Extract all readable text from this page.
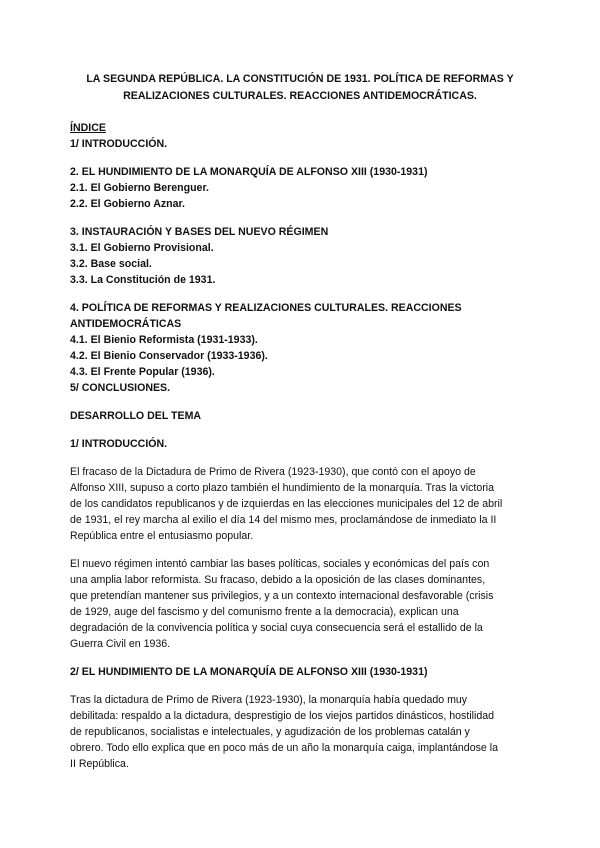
LA SEGUNDA REPÚBLICA. LA CONSTITUCIÓN DE 1931. POLÍTICA DE REFORMAS Y
REALIZACIONES CULTURALES. REACCIONES ANTIDEMOCRÁTICAS.
ÍNDICE
1/ INTRODUCCIÓN.
2. EL HUNDIMIENTO DE LA MONARQUÍA DE ALFONSO XIII (1930-1931)
2.1. El Gobierno Berenguer.
2.2. El Gobierno Aznar.
3. INSTAURACIÓN Y BASES DEL NUEVO RÉGIMEN
3.1. El Gobierno Provisional.
3.2. Base social.
3.3. La Constitución de 1931.
4. POLÍTICA DE REFORMAS Y REALIZACIONES CULTURALES. REACCIONES
ANTIDEMOCRÁTICAS
4.1. El Bienio Reformista (1931-1933).
4.2. El Bienio Conservador (1933-1936).
4.3. El Frente Popular (1936).
5/ CONCLUSIONES.
DESARROLLO DEL TEMA
1/ INTRODUCCIÓN.
El fracaso de la Dictadura de Primo de Rivera (1923-1930), que contó con el apoyo de
Alfonso XIII, supuso a corto plazo también el hundimiento de la monarquía. Tras la victoria
de los candidatos republicanos y de izquierdas en las elecciones municipales del 12 de abril
de 1931, el rey marcha al exilio el día 14 del mismo mes, proclamándose de inmediato la II
República entre el entusiasmo popular.
El nuevo régimen intentó cambiar las bases políticas, sociales y económicas del país con
una amplia labor reformista. Su fracaso, debido a la oposición de las clases dominantes,
que pretendían mantener sus privilegios, y a un contexto internacional desfavorable (crisis
de 1929, auge del fascismo y del comunismo frente a la democracia), explican una
degradación de la convivencia política y social cuya consecuencia será el estallido de la
Guerra Civil en 1936.
2/ EL HUNDIMIENTO DE LA MONARQUÍA DE ALFONSO XIII (1930-1931)
Tras la dictadura de Primo de Rivera (1923-1930), la monarquía había quedado muy
debilitada: respaldo a la dictadura, desprestigio de los viejos partidos dinásticos, hostilidad
de republicanos, socialistas e intelectuales, y agudización de los problemas catalán y
obrero. Todo ello explica que en poco más de un año la monarquía caiga, implantándose la
II República.
